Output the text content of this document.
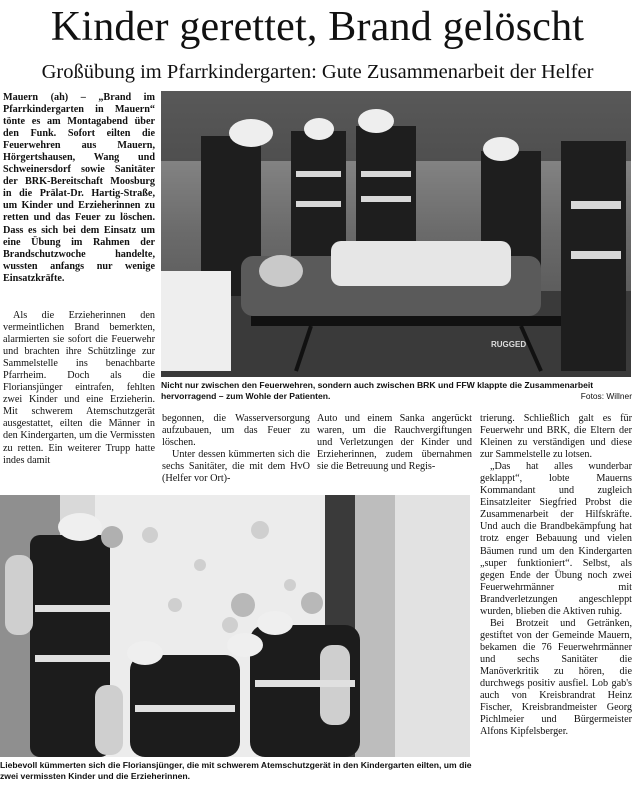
Kinder gerettet, Brand gelöscht
Großübung im Pfarrkindergarten: Gute Zusammenarbeit der Helfer

Mauern (ah) – „Brand im Pfarrkindergarten in Mauern“ tönte es am Montagabend über den Funk. Sofort eilten die Feuerwehren aus Mauern, Hörgertshausen, Wang und Schweinersdorf sowie Sanitäter der BRK-Bereitschaft Moosburg in die Prälat-Dr. Hartig-Straße, um Kinder und Erzieherinnen zu retten und das Feuer zu löschen. Dass es sich bei dem Einsatz um eine Übung im Rahmen der Brandschutzwoche handelte, wussten anfangs nur wenige Einsatzkräfte.

Als die Erzieherinnen den vermeintlichen Brand bemerkten, alarmierten sie sofort die Feuerwehr und brachten ihre Schützlinge zur Sammelstelle ins benachbarte Pfarrheim. Doch als die Floriansjünger eintrafen, fehlten zwei Kinder und eine Erzieherin. Mit schwerem Atemschutzgerät ausgestattet, eilten die Männer in den Kindergarten, um die Vermissten zu retten. Ein weiterer Trupp hatte indes damit

RUGGED
Nicht nur zwischen den Feuerwehren, sondern auch zwischen BRK und FFW klappte die Zusammenarbeit hervorragend – zum Wohle der Patienten.	Fotos: Willner

begonnen, die Wasserversorgung aufzubauen, um das Feuer zu löschen.

Unter dessen kümmerten sich die sechs Sanitäter, die mit dem HvO (Helfer vor Ort)-

Auto und einem Sanka angerückt waren, um die Rauchvergiftungen und Verletzungen der Kinder und Erzieherinnen, zudem übernahmen sie die Betreuung und Regis-

trierung. Schließlich galt es für Feuerwehr und BRK, die Eltern der Kleinen zu verständigen und diese zur Sammelstelle zu lotsen.

„Das hat alles wunderbar geklappt“, lobte Mauerns Kommandant und zugleich Einsatzleiter Siegfried Probst die Zusammenarbeit der Hilfskräfte. Und auch die Brandbekämpfung hat trotz enger Bebauung und vielen Bäumen rund um den Kindergarten „super funktioniert“. Selbst, als gegen Ende der Übung noch zwei Feuerwehrmänner mit Brandverletzungen angeschleppt wurden, blieben die Aktiven ruhig.

Bei Brotzeit und Getränken, gestiftet von der Gemeinde Mauern, bekamen die 76 Feuerwehrmänner und sechs Sanitäter die Manöverkritik zu hören, die durchwegs positiv ausfiel. Lob gab's auch von Kreisbrandrat Heinz Fischer, Kreisbrandmeister Georg Pichlmeier und Bürgermeister Alfons Kipfelsberger.

Liebevoll kümmerten sich die Floriansjünger, die mit schwerem Atemschutzgerät in den Kindergarten eilten, um die zwei vermissten Kinder und die Erzieherinnen.
